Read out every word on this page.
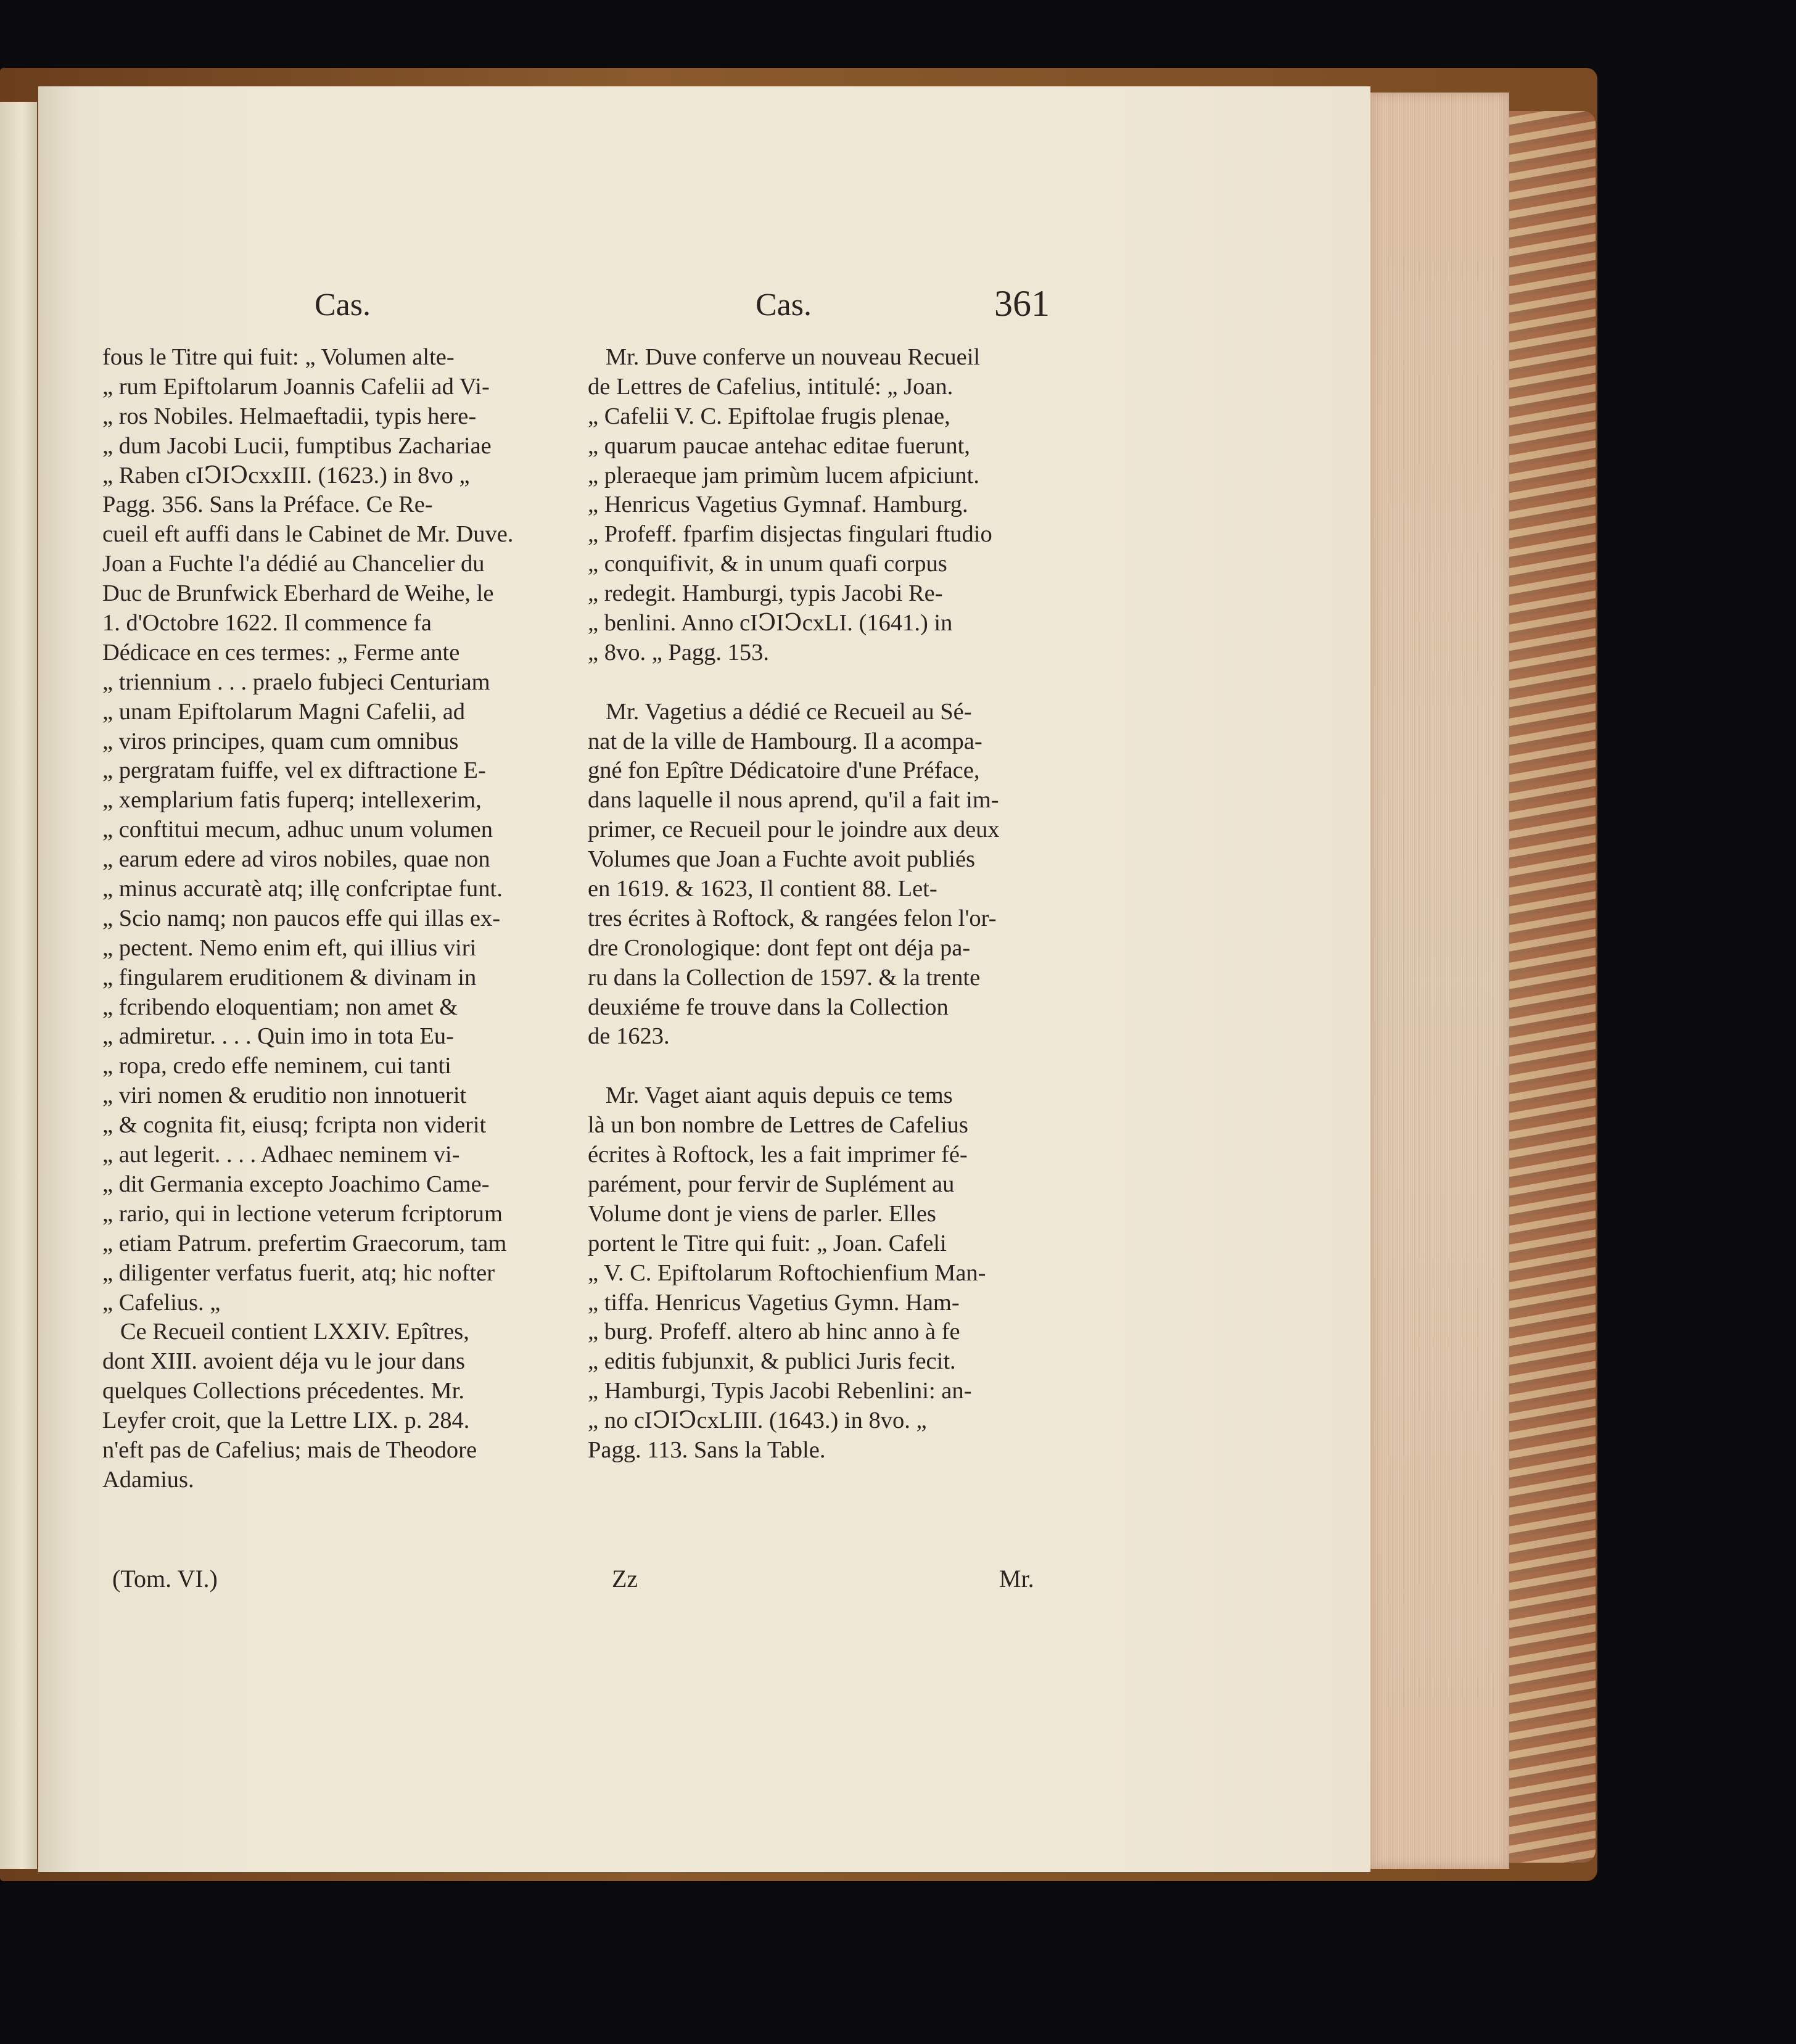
Cas.	Cas.	361
fous le Titre qui fuit: „ Volumen alte-
„ rum Epiftolarum Joannis Cafelii ad Vi-
„ ros Nobiles. Helmaeftadii, typis here-
„ dum Jacobi Lucii, fumptibus Zachariae
„ Raben cIↃIↃcxxIII. (1623.) in 8vo „
Pagg. 356. Sans la Préface. Ce Re-
cueil eft auffi dans le Cabinet de Mr. Duve.
Joan a Fuchte l'a dédié au Chancelier du
Duc de Brunfwick Eberhard de Weihe, le
1. d'Octobre 1622. Il commence fa
Dédicace en ces termes: „ Ferme ante
„ triennium . . . praelo fubjeci Centuriam
„ unam Epiftolarum Magni Cafelii, ad
„ viros principes, quam cum omnibus
„ pergratam fuiffe, vel ex diftractione E-
„ xemplarium fatis fuperq; intellexerim,
„ conftitui mecum, adhuc unum volumen
„ earum edere ad viros nobiles, quae non
„ minus accuratè atq; illę confcriptae funt.
„ Scio namq; non paucos effe qui illas ex-
„ pectent. Nemo enim eft, qui illius viri
„ fingularem eruditionem & divinam in
„ fcribendo eloquentiam; non amet &
„ admiretur. . . . Quin imo in tota Eu-
„ ropa, credo effe neminem, cui tanti
„ viri nomen & eruditio non innotuerit
„ & cognita fit, eiusq; fcripta non viderit
„ aut legerit. . . . Adhaec neminem vi-
„ dit Germania excepto Joachimo Came-
„ rario, qui in lectione veterum fcriptorum
„ etiam Patrum. prefertim Graecorum, tam
„ diligenter verfatus fuerit, atq; hic nofter
„ Cafelius. „
Ce Recueil contient LXXIV. Epîtres,
dont XIII. avoient déja vu le jour dans
quelques Collections précedentes. Mr.
Leyfer croit, que la Lettre LIX. p. 284.
n'eft pas de Cafelius; mais de Theodore
Adamius.
Mr. Duve conferve un nouveau Recueil
de Lettres de Cafelius, intitulé: „ Joan.
„ Cafelii V. C. Epiftolae frugis plenae,
„ quarum paucae antehac editae fuerunt,
„ pleraeque jam primùm lucem afpiciunt.
„ Henricus Vagetius Gymnaf. Hamburg.
„ Profeff. fparfim disjectas fingulari ftudio
„ conquifivit, & in unum quafi corpus
„ redegit. Hamburgi, typis Jacobi Re-
„ benlini. Anno cIↃIↃcxLI. (1641.) in
„ 8vo. „ Pagg. 153.
Mr. Vagetius a dédié ce Recueil au Sé-
nat de la ville de Hambourg. Il a acompa-
gné fon Epître Dédicatoire d'une Préface,
dans laquelle il nous aprend, qu'il a fait im-
primer, ce Recueil pour le joindre aux deux
Volumes que Joan a Fuchte avoit publiés
en 1619. & 1623, Il contient 88. Let-
tres écrites à Roftock, & rangées felon l'or-
dre Cronologique: dont fept ont déja pa-
ru dans la Collection de 1597. & la trente
deuxiéme fe trouve dans la Collection
de 1623.
Mr. Vaget aiant aquis depuis ce tems
là un bon nombre de Lettres de Cafelius
écrites à Roftock, les a fait imprimer fé-
parément, pour fervir de Suplément au
Volume dont je viens de parler. Elles
portent le Titre qui fuit: „ Joan. Cafeli
„ V. C. Epiftolarum Roftochienfium Man-
„ tiffa. Henricus Vagetius Gymn. Ham-
„ burg. Profeff. altero ab hinc anno à fe
„ editis fubjunxit, & publici Juris fecit.
„ Hamburgi, Typis Jacobi Rebenlini: an-
„ no cIↃIↃcxLIII. (1643.) in 8vo. „
Pagg. 113. Sans la Table.
(Tom. VI.)	Zz	Mr.
